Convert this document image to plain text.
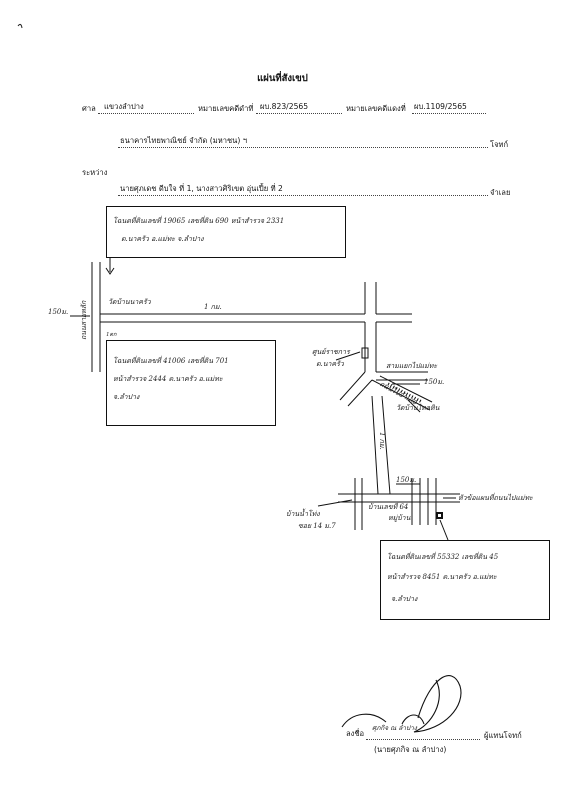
แผ่นที่สังเขป
ศาล แขวงลำปาง	หมายเลขคดีดำที่ ผบ.823/2565	หมายเลขคดีแดงที่ ผบ.1109/2565
ธนาคารไทยพาณิชย์ จำกัด (มหาชน) ฯ	โจทก์
ระหว่าง
นายศุภเดช ดีบใจ ที่ 1, นางสาวศิริเขต อุ่นเปี้ย ที่ 2	จำเลย
โฉนดที่ดินเลขที่ 19065 เลขที่ดิน 690 หน้าสำรวจ 2331
ต.นาครัว อ.แม่ทะ จ.ลำปาง
โฉนดที่ดินเลขที่ 41006 เลขที่ดิน 701
หน้าสำรวจ 2444 ต.นาครัว อ.แม่ทะ
จ.ลำปาง
โฉนดที่ดินเลขที่ 55332 เลขที่ดิน 45
หน้าสำรวจ 8451 ต.นาครัว อ.แม่ทะ
จ.ลำปาง
150ม.
วัดบ้านนาครัว
1 กม.
ถนนสายหลัก	1ตก
ศูนย์ราชการ
ต.นาครัว	สามแยกไปแม่ทะ
150ม.
วัดบ้านไหลหิน
ถนนไปอำเภอ
1 กม.
150ม.
บ้านเลขที่ 64
หมู่บ้าน
หัวข้อแผนที่ถนนไปแม่ทะ
บ้านน้ำโท่ง
ซอย 14 ม.7
ลงชื่อ
ศุภกิจ ณ ลำปาง
ผู้แทนโจทก์
(นายศุภกิจ ณ ลำปาง)
